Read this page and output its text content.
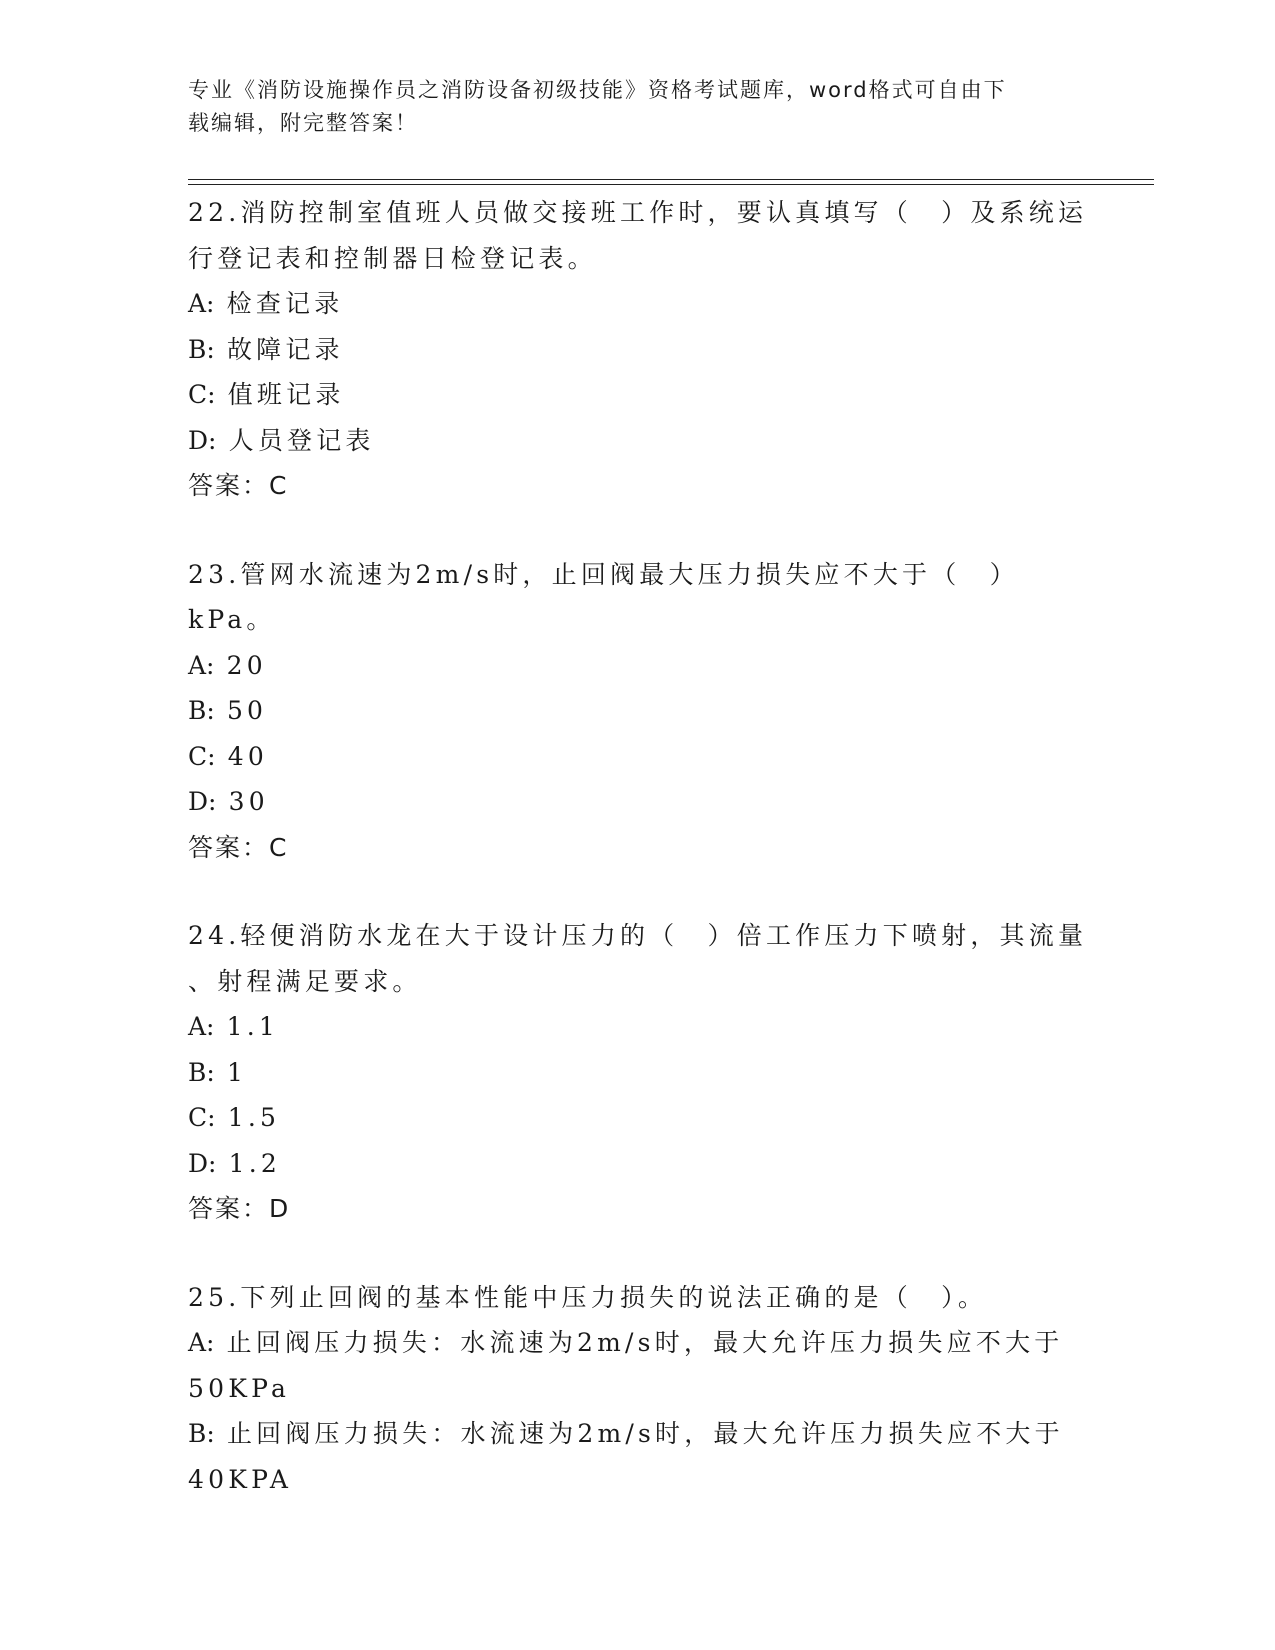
专业《消防设施操作员之消防设备初级技能》资格考试题库，word格式可自由下
载编辑，附完整答案！
22.消防控制室值班人员做交接班工作时，要认真填写（　）及系统运
行登记表和控制器日检登记表。
A: 检查记录
B: 故障记录
C: 值班记录
D: 人员登记表
答案：C
23.管网水流速为2m/s时，止回阀最大压力损失应不大于（　）kPa。
A: 20
B: 50
C: 40
D: 30
答案：C
24.轻便消防水龙在大于设计压力的（　）倍工作压力下喷射，其流量
、射程满足要求。
A: 1.1
B: 1
C: 1.5
D: 1.2
答案：D
25.下列止回阀的基本性能中压力损失的说法正确的是（　）。
A: 止回阀压力损失：水流速为2m/s时，最大允许压力损失应不大于
50KPa
B: 止回阀压力损失：水流速为2m/s时，最大允许压力损失应不大于
40KPA
